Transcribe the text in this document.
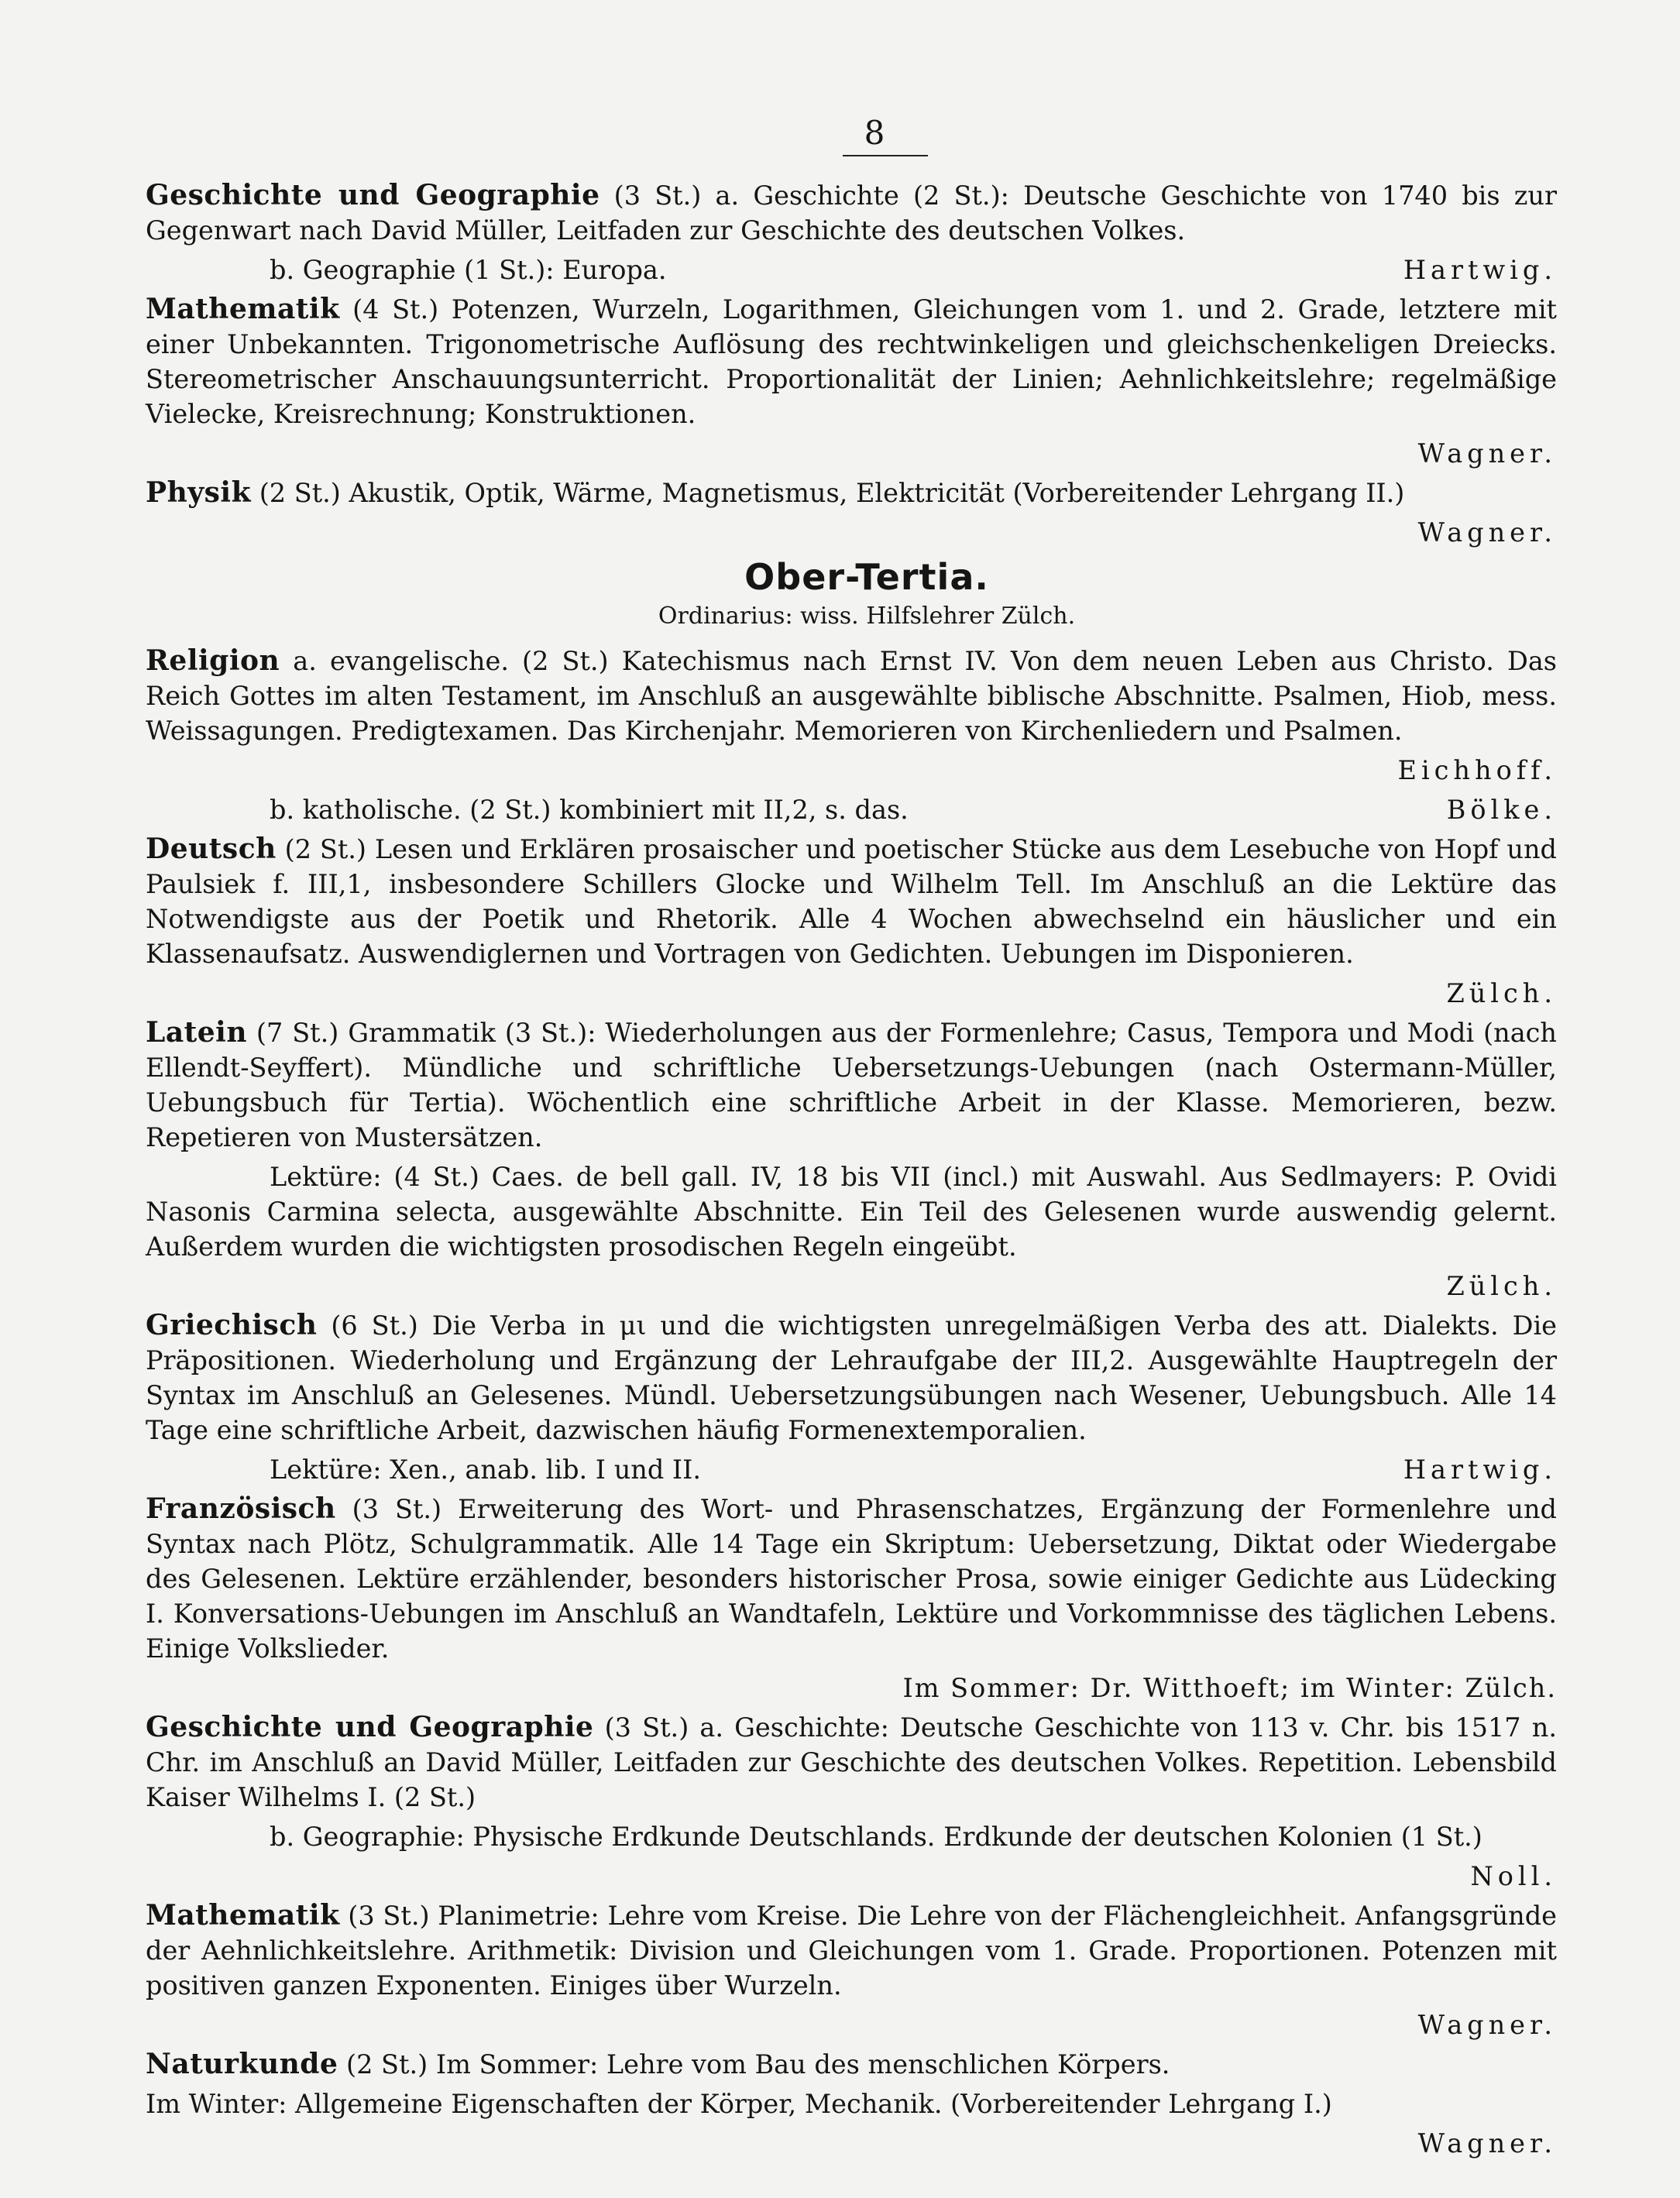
8

Geschichte und Geographie (3 St.) a. Geschichte (2 St.): Deutsche Geschichte von 1740 bis zur Gegenwart nach David Müller, Leitfaden zur Geschichte des deutschen Volkes.

b. Geographie (1 St.): Europa.	Hartwig.

Mathematik (4 St.) Potenzen, Wurzeln, Logarithmen, Gleichungen vom 1. und 2. Grade, letztere mit einer Unbekannten. Trigonometrische Auflösung des rechtwinkeligen und gleichschenkeligen Dreiecks. Stereometrischer Anschauungsunterricht. Proportionalität der Linien; Aehnlichkeitslehre; regelmäßige Vielecke, Kreisrechnung; Konstruktionen.

Wagner.

Physik (2 St.) Akustik, Optik, Wärme, Magnetismus, Elektricität (Vorbereitender Lehrgang II.)

Wagner.
Ober-Tertia.
Ordinarius: wiss. Hilfslehrer Zülch.

Religion a. evangelische. (2 St.) Katechismus nach Ernst IV. Von dem neuen Leben aus Christo. Das Reich Gottes im alten Testament, im Anschluß an ausgewählte biblische Abschnitte. Psalmen, Hiob, mess. Weissagungen. Predigtexamen. Das Kirchenjahr. Memorieren von Kirchenliedern und Psalmen.

Eichhoff.
b. katholische. (2 St.) kombiniert mit II,2, s. das.	Bölke.

Deutsch (2 St.) Lesen und Erklären prosaischer und poetischer Stücke aus dem Lesebuche von Hopf und Paulsiek f. III,1, insbesondere Schillers Glocke und Wilhelm Tell. Im Anschluß an die Lektüre das Notwendigste aus der Poetik und Rhetorik. Alle 4 Wochen abwechselnd ein häuslicher und ein Klassenaufsatz. Auswendiglernen und Vortragen von Gedichten. Uebungen im Disponieren.

Zülch.

Latein (7 St.) Grammatik (3 St.): Wiederholungen aus der Formenlehre; Casus, Tempora und Modi (nach Ellendt-Seyffert). Mündliche und schriftliche Uebersetzungs-Uebungen (nach Ostermann-Müller, Uebungsbuch für Tertia). Wöchentlich eine schriftliche Arbeit in der Klasse. Memorieren, bezw. Repetieren von Mustersätzen.

Lektüre: (4 St.) Caes. de bell gall. IV, 18 bis VII (incl.) mit Auswahl. Aus Sedlmayers: P. Ovidi Nasonis Carmina selecta, ausgewählte Abschnitte. Ein Teil des Gelesenen wurde auswendig gelernt. Außerdem wurden die wichtigsten prosodischen Regeln eingeübt.

Zülch.

Griechisch (6 St.) Die Verba in μι und die wichtigsten unregelmäßigen Verba des att. Dialekts. Die Präpositionen. Wiederholung und Ergänzung der Lehraufgabe der III,2. Ausgewählte Hauptregeln der Syntax im Anschluß an Gelesenes. Mündl. Uebersetzungsübungen nach Wesener, Uebungsbuch. Alle 14 Tage eine schriftliche Arbeit, dazwischen häufig Formenextemporalien.

Lektüre: Xen., anab. lib. I und II.	Hartwig.

Französisch (3 St.) Erweiterung des Wort- und Phrasenschatzes, Ergänzung der Formenlehre und Syntax nach Plötz, Schulgrammatik. Alle 14 Tage ein Skriptum: Uebersetzung, Diktat oder Wiedergabe des Gelesenen. Lektüre erzählender, besonders historischer Prosa, sowie einiger Gedichte aus Lüdecking I. Konversations-Uebungen im Anschluß an Wandtafeln, Lektüre und Vorkommnisse des täglichen Lebens. Einige Volkslieder.

Im Sommer: Dr. Witthoeft; im Winter: Zülch.

Geschichte und Geographie (3 St.) a. Geschichte: Deutsche Geschichte von 113 v. Chr. bis 1517 n. Chr. im Anschluß an David Müller, Leitfaden zur Geschichte des deutschen Volkes. Repetition. Lebensbild Kaiser Wilhelms I. (2 St.)

b. Geographie: Physische Erdkunde Deutschlands. Erdkunde der deutschen Kolonien (1 St.)

Noll.

Mathematik (3 St.) Planimetrie: Lehre vom Kreise. Die Lehre von der Flächengleichheit. Anfangsgründe der Aehnlichkeitslehre. Arithmetik: Division und Gleichungen vom 1. Grade. Proportionen. Potenzen mit positiven ganzen Exponenten. Einiges über Wurzeln.

Wagner.

Naturkunde (2 St.) Im Sommer: Lehre vom Bau des menschlichen Körpers.

Im Winter: Allgemeine Eigenschaften der Körper, Mechanik. (Vorbereitender Lehrgang I.)

Wagner.
